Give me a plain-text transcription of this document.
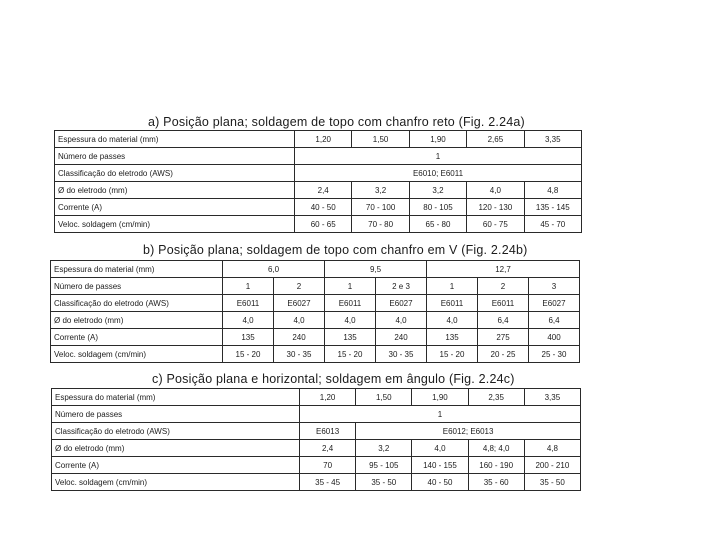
a) Posição plana; soldagem de topo com chanfro reto (Fig. 2.24a)
Espessura do material (mm)	1,20	1,50	1,90	2,65	3,35
Número de passes	1				
Classificação do eletrodo (AWS)	E6010; E6011				
Ø do eletrodo (mm)	2,4	3,2	3,2	4,0	4,8
Corrente (A)	40 - 50	70 - 100	80 - 105	120 - 130	135 - 145
Veloc. soldagem (cm/min)	60 - 65	70 - 80	65 - 80	60 - 75	45 - 70
b) Posição plana; soldagem de topo com chanfro em V (Fig. 2.24b)
Espessura do material (mm)	6,0		9,5		12,7		
Número de passes	1	2	1	2 e 3	1	2	3
Classificação do eletrodo (AWS)	E6011	E6027	E6011	E6027	E6011	E6011	E6027
Ø do eletrodo (mm)	4,0	4,0	4,0	4,0	4,0	6,4	6,4
Corrente (A)	135	240	135	240	135	275	400
Veloc. soldagem (cm/min)	15 - 20	30 - 35	15 - 20	30 - 35	15 - 20	20 - 25	25 - 30
c) Posição plana e horizontal; soldagem em ângulo (Fig. 2.24c)
Espessura do material (mm)	1,20	1,50	1,90	2,35	3,35
Número de passes	1				
Classificação do eletrodo (AWS)	E6013	E6012; E6013			
Ø do eletrodo (mm)	2,4	3,2	4,0	4,8; 4,0	4,8
Corrente (A)	70	95 - 105	140 - 155	160 - 190	200 - 210
Veloc. soldagem (cm/min)	35 - 45	35 - 50	40 - 50	35 - 60	35 - 50
